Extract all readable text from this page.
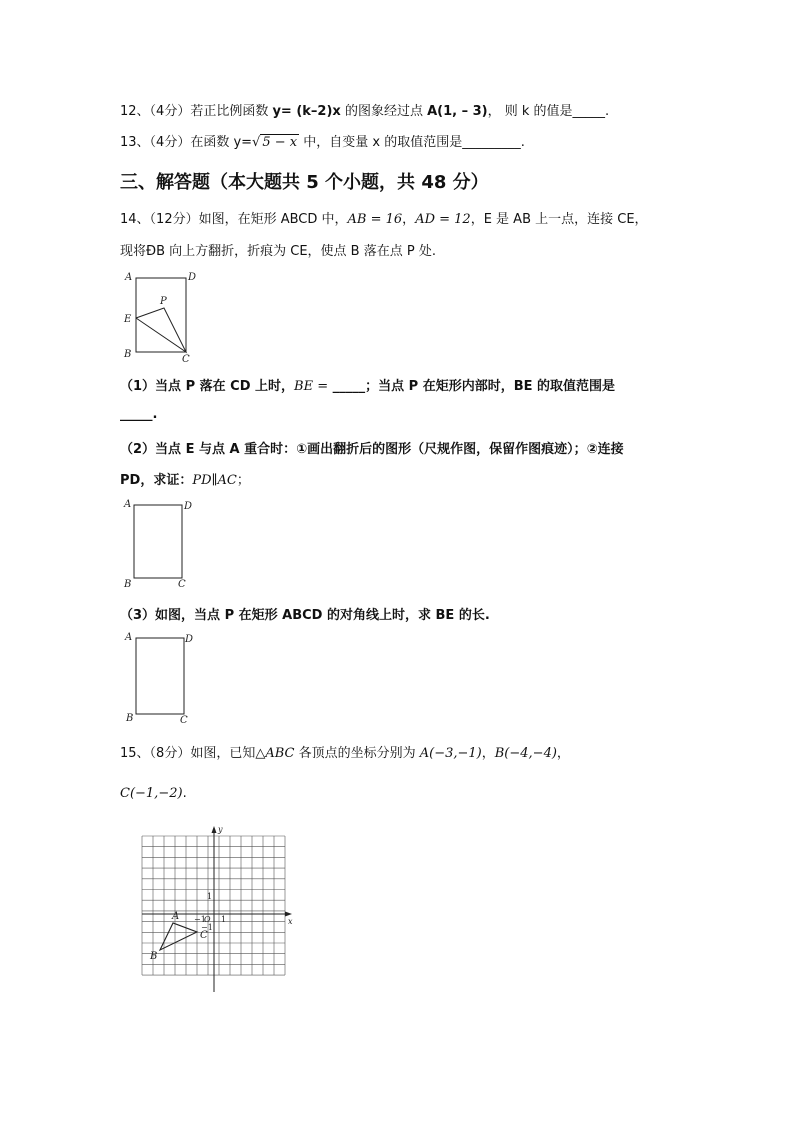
12、（4分）若正比例函数 y= (k–2)x 的图象经过点 A(1, – 3)， 则 k 的值是_____.
13、（4分）在函数 y=√ 5 − x 中，自变量 x 的取值范围是_________.
三、解答题（本大题共 5 个小题，共 48 分）
14、（12分）如图，在矩形 ABCD 中，AB = 16，AD = 12，E 是 AB 上一点，连接 CE，
现将ÐB 向上方翻折，折痕为 CE，使点 B 落在点 P 处.
A	D
E
P
B	C
（1）当点 P 落在 CD 上时，BE = _____；当点 P 在矩形内部时，BE 的取值范围是
_____.
（2）当点 E 与点 A 重合时：①画出翻折后的图形（尺规作图，保留作图痕迹）；②连接
PD，求证：PD∥AC；
A	D
B	C
（3）如图，当点 P 在矩形 ABCD 的对角线上时，求 BE 的长.
A	D
B	C
15、（8分）如图，已知△ABC 各顶点的坐标分别为 A(−3,−1)，B(−4,−4)，
C(−1,−2).
x
y
O 1
1
−1
−1
A
B
C
